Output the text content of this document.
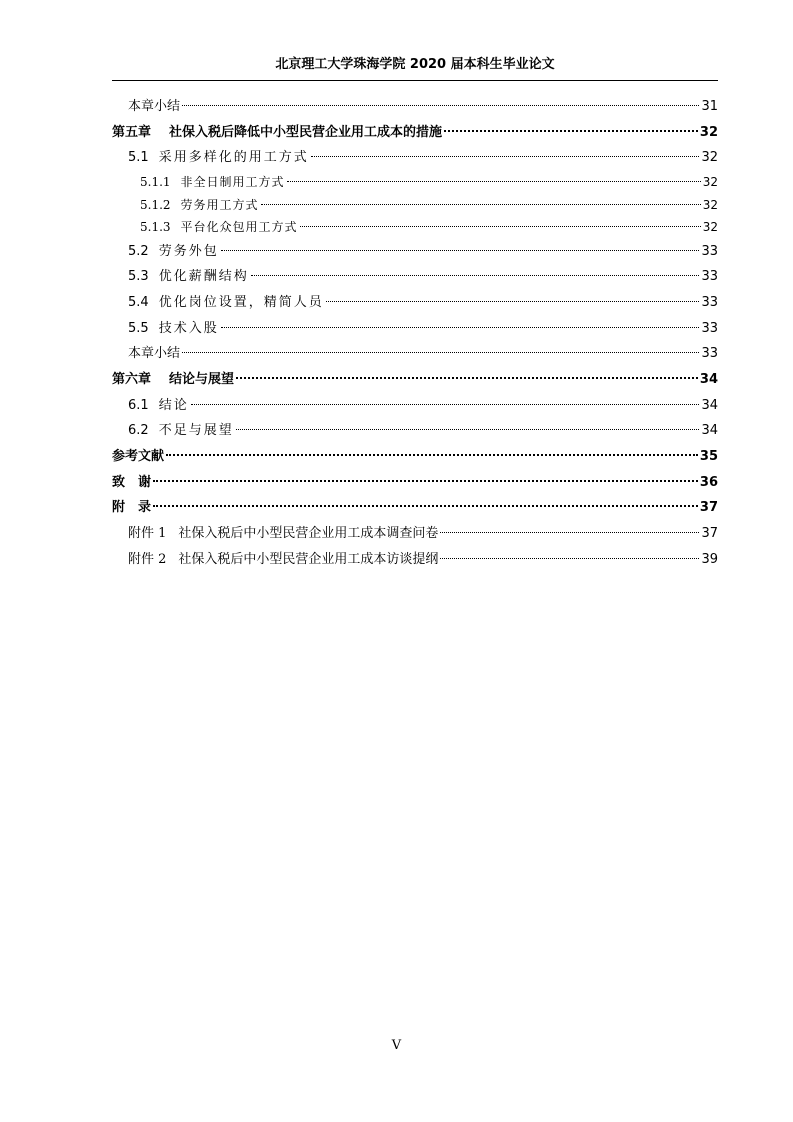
北京理工大学珠海学院 2020 届本科生毕业论文
本章小结	31
第五章 社保入税后降低中小型民营企业用工成本的措施	32
5.1 采用多样化的用工方式	32
5.1.1 非全日制用工方式	32
5.1.2 劳务用工方式	32
5.1.3 平台化众包用工方式	32
5.2 劳务外包	33
5.3 优化薪酬结构	33
5.4 优化岗位设置，精简人员	33
5.5 技术入股	33
本章小结	33
第六章 结论与展望	34
6.1 结论	34
6.2 不足与展望	34
参考文献	35
致　谢	36
附　录	37
附件 1 社保入税后中小型民营企业用工成本调查问卷	37
附件 2 社保入税后中小型民营企业用工成本访谈提纲	39
V
